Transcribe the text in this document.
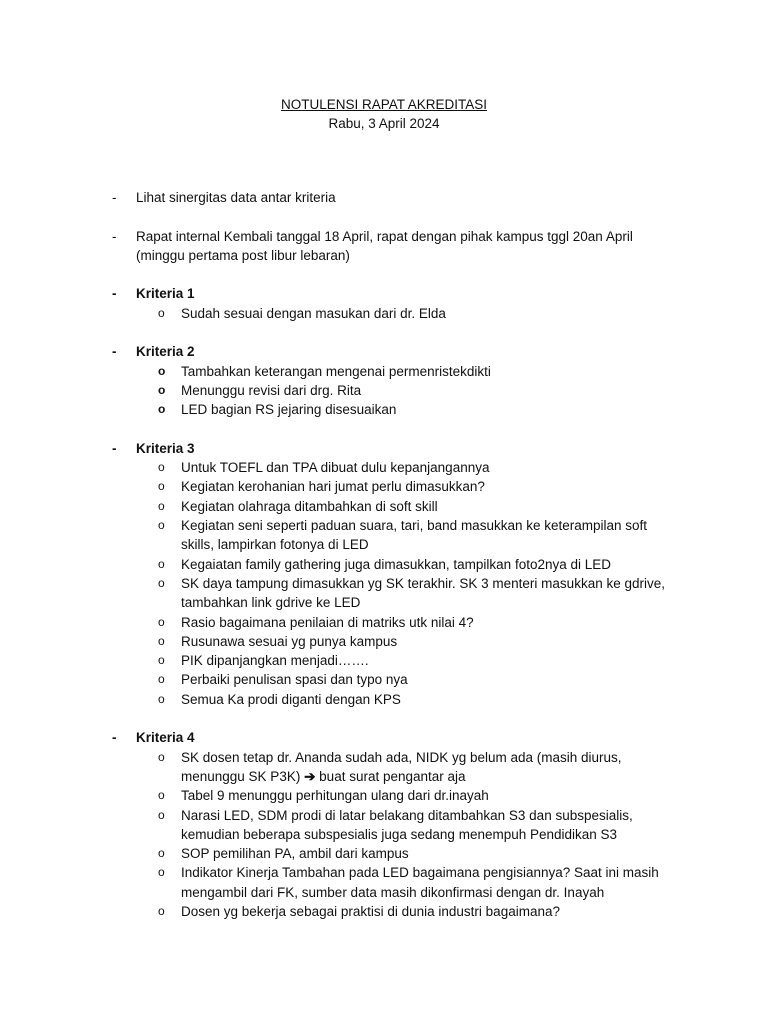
NOTULENSI RAPAT AKREDITASI
Rabu, 3 April 2024
- Lihat sinergitas data antar kriteria
- Rapat internal Kembali tanggal 18 April, rapat dengan pihak kampus tggl 20an April (minggu pertama post libur lebaran)
- Kriteria 1
o Sudah sesuai dengan masukan dari dr. Elda
- Kriteria 2
o Tambahkan keterangan mengenai permenristekdikti
o Menunggu revisi dari drg. Rita
o LED bagian RS jejaring disesuaikan
- Kriteria 3
o Untuk TOEFL dan TPA dibuat dulu kepanjangannya
o Kegiatan kerohanian hari jumat perlu dimasukkan?
o Kegiatan olahraga ditambahkan di soft skill
o Kegiatan seni seperti paduan suara, tari, band masukkan ke keterampilan soft skills, lampirkan fotonya di LED
o Kegaiatan family gathering juga dimasukkan, tampilkan foto2nya di LED
o SK daya tampung dimasukkan yg SK terakhir. SK 3 menteri masukkan ke gdrive, tambahkan link gdrive ke LED
o Rasio bagaimana penilaian di matriks utk nilai 4?
o Rusunawa sesuai yg punya kampus
o PIK dipanjangkan menjadi…….
o Perbaiki penulisan spasi dan typo nya
o Semua Ka prodi diganti dengan KPS
- Kriteria 4
o SK dosen tetap dr. Ananda sudah ada, NIDK yg belum ada (masih diurus, menunggu SK P3K) ➔ buat surat pengantar aja
o Tabel 9 menunggu perhitungan ulang dari dr.inayah
o Narasi LED, SDM prodi di latar belakang ditambahkan S3 dan subspesialis, kemudian beberapa subspesialis juga sedang menempuh Pendidikan S3
o SOP pemilihan PA, ambil dari kampus
o Indikator Kinerja Tambahan pada LED bagaimana pengisiannya? Saat ini masih mengambil dari FK, sumber data masih dikonfirmasi dengan dr. Inayah
o Dosen yg bekerja sebagai praktisi di dunia industri bagaimana?
